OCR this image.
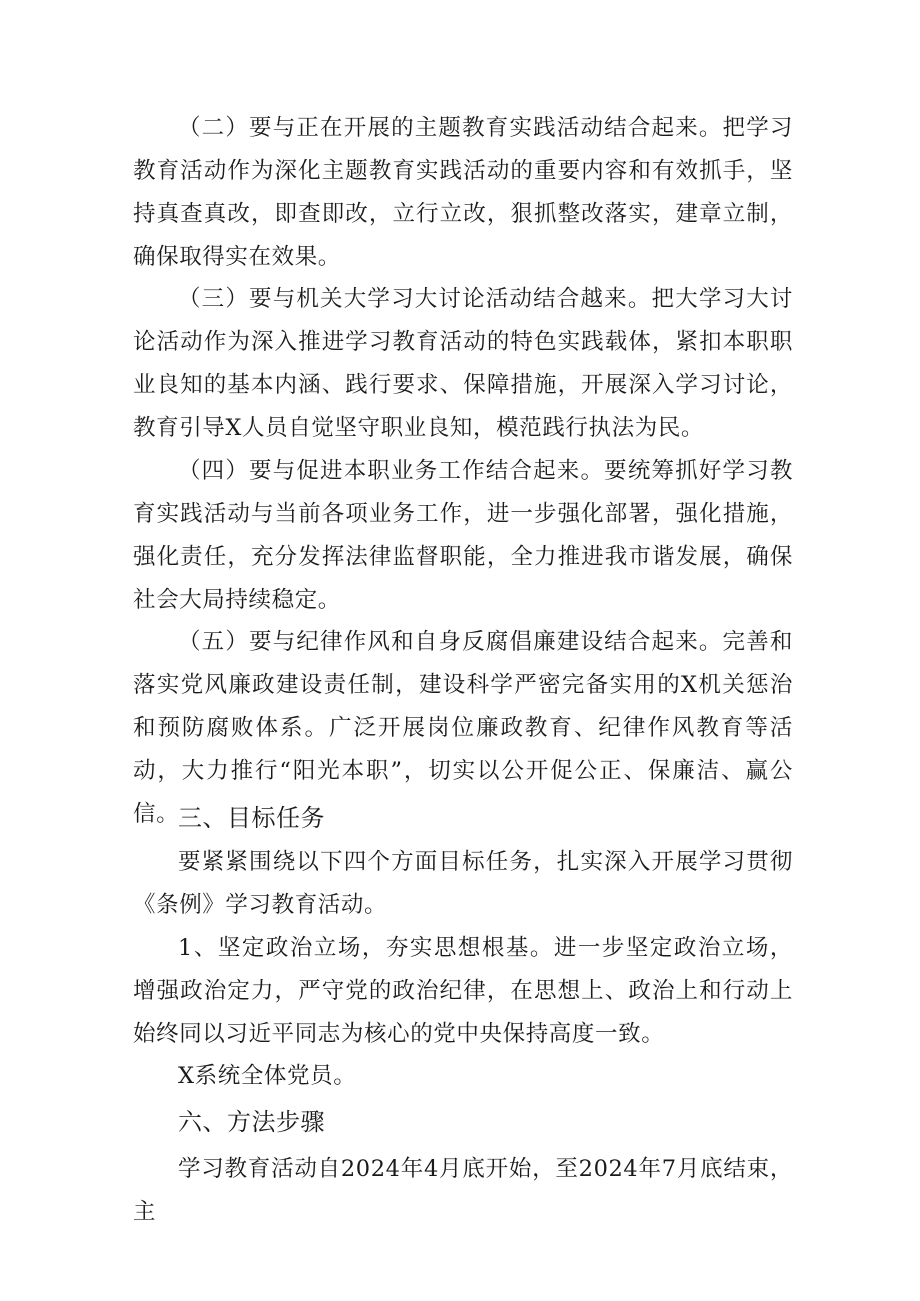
（二）要与正在开展的主题教育实践活动结合起来。把学习教育活动作为深化主题教育实践活动的重要内容和有效抓手，坚持真查真改，即查即改，立行立改，狠抓整改落实，建章立制，确保取得实在效果。

（三）要与机关大学习大讨论活动结合越来。把大学习大讨论活动作为深入推进学习教育活动的特色实践载体，紧扣本职职业良知的基本内涵、践行要求、保障措施，开展深入学习讨论，教育引导X人员自觉坚守职业良知，模范践行执法为民。

（四）要与促进本职业务工作结合起来。要统筹抓好学习教育实践活动与当前各项业务工作，进一步强化部署，强化措施，强化责任，充分发挥法律监督职能，全力推进我市谐发展，确保社会大局持续稳定。

（五）要与纪律作风和自身反腐倡廉建设结合起来。完善和落实党风廉政建设责任制，建设科学严密完备实用的X机关惩治和预防腐败体系。广泛开展岗位廉政教育、纪律作风教育等活动，大力推行“阳光本职”，切实以公开促公正、保廉洁、赢公信。

三、目标任务

要紧紧围绕以下四个方面目标任务，扎实深入开展学习贯彻《条例》学习教育活动。

1、坚定政治立场，夯实思想根基。进一步坚定政治立场，增强政治定力，严守党的政治纪律，在思想上、政治上和行动上始终同以习近平同志为核心的党中央保持高度一致。

X系统全体党员。

六、方法步骤

学习教育活动自2024年4月底开始，至2024年7月底结束，主
